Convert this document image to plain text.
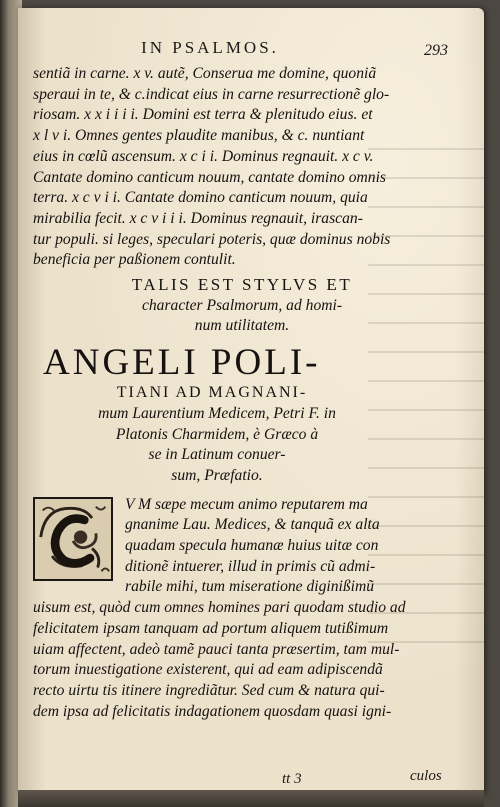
IN PSALMOS.	293
sentiã in carne. x v. autẽ, Conserua me domine, quoniã
speraui in te, & c.indicat eius in carne resurrectionẽ glo-
riosam. x x i i i i. Domini est terra & plenitudo eius. et
x l v i. Omnes gentes plaudite manibus, & c. nuntiant
eius in cœlũ ascensum. x c i i. Dominus regnauit. x c v.
Cantate domino canticum nouum, cantate domino omnis
terra. x c v i i. Cantate domino canticum nouum, quia
mirabilia fecit. x c v i i i. Dominus regnauit, irascan-
tur populi. si leges, speculari poteris, quæ dominus nobis
beneficia per paßionem contulit.
TALIS EST STYLVS ET
character Psalmorum, ad homi-
num utilitatem.
ANGELI POLI-
TIANI AD MAGNANI-
mum Laurentium Medicem, Petri F. in
Platonis Charmidem, è Græco à
se in Latinum conuer-
sum, Præfatio.
V M sæpe mecum animo reputarem ma
gnanime Lau. Medices, & tanquã ex alta
quadam specula humanæ huius uitæ con
ditionẽ intuerer, illud in primis cũ admi-
rabile mihi, tum miseratione diginißimũ
uisum est, quòd cum omnes homines pari quodam studio ad
felicitatem ipsam tanquam ad portum aliquem tutißimum
uiam affectent, adeò tamẽ pauci tanta præsertim, tam mul-
torum inuestigatione existerent, qui ad eam adipiscendã
recto uirtu tis itinere ingrediãtur. Sed cum & natura qui-
dem ipsa ad felicitatis indagationem quosdam quasi igni-
tt 3	culos
